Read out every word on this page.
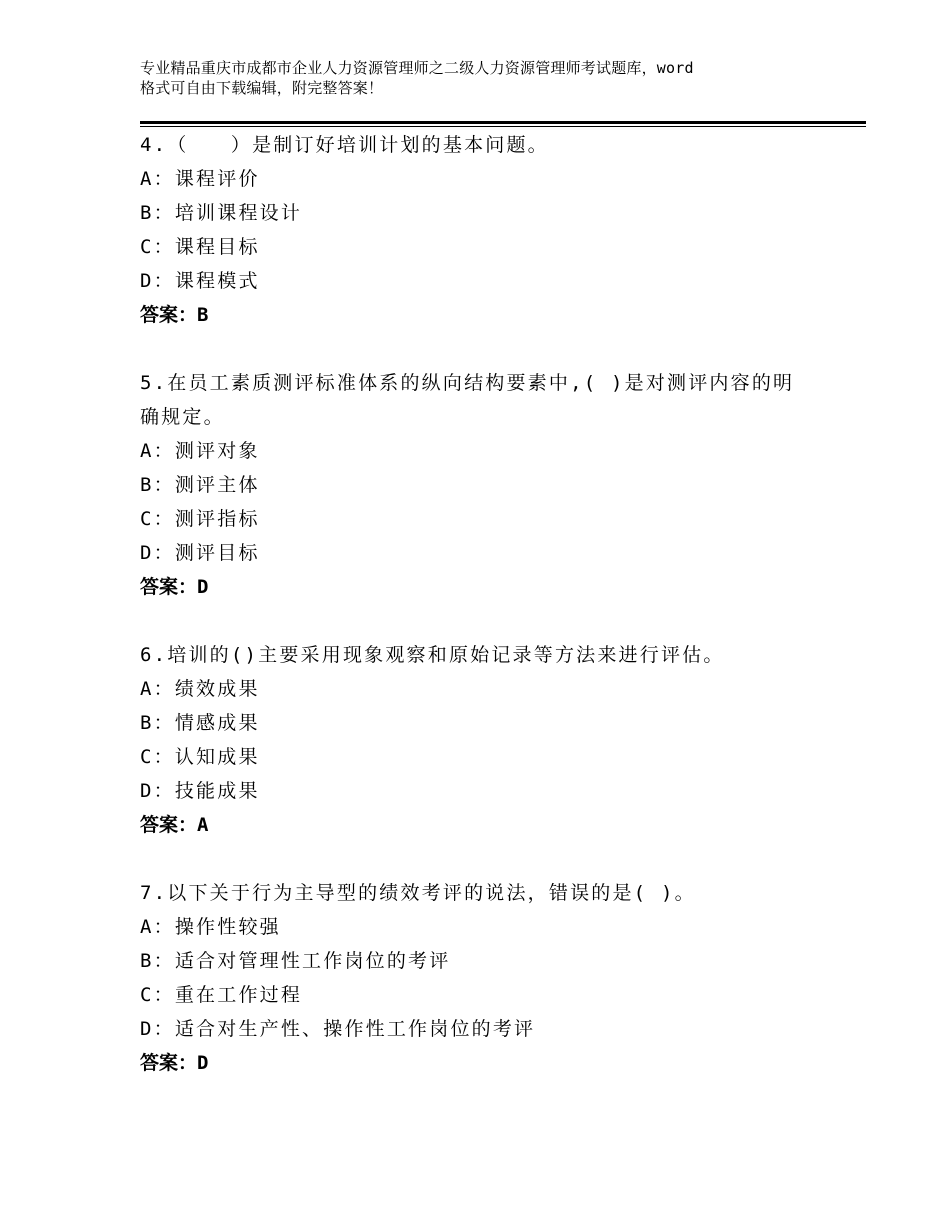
专业精品重庆市成都市企业人力资源管理师之二级人力资源管理师考试题库，word
格式可自由下载编辑，附完整答案！
4.（　　）是制订好培训计划的基本问题。
A：课程评价
B：培训课程设计
C：课程目标
D：课程模式
答案：B
5.在员工素质测评标准体系的纵向结构要素中,( )是对测评内容的明
确规定。
A：测评对象
B：测评主体
C：测评指标
D：测评目标
答案：D
6.培训的()主要采用现象观察和原始记录等方法来进行评估。
A：绩效成果
B：情感成果
C：认知成果
D：技能成果
答案：A
7.以下关于行为主导型的绩效考评的说法，错误的是( )。
A：操作性较强
B：适合对管理性工作岗位的考评
C：重在工作过程
D：适合对生产性、操作性工作岗位的考评
答案：D
